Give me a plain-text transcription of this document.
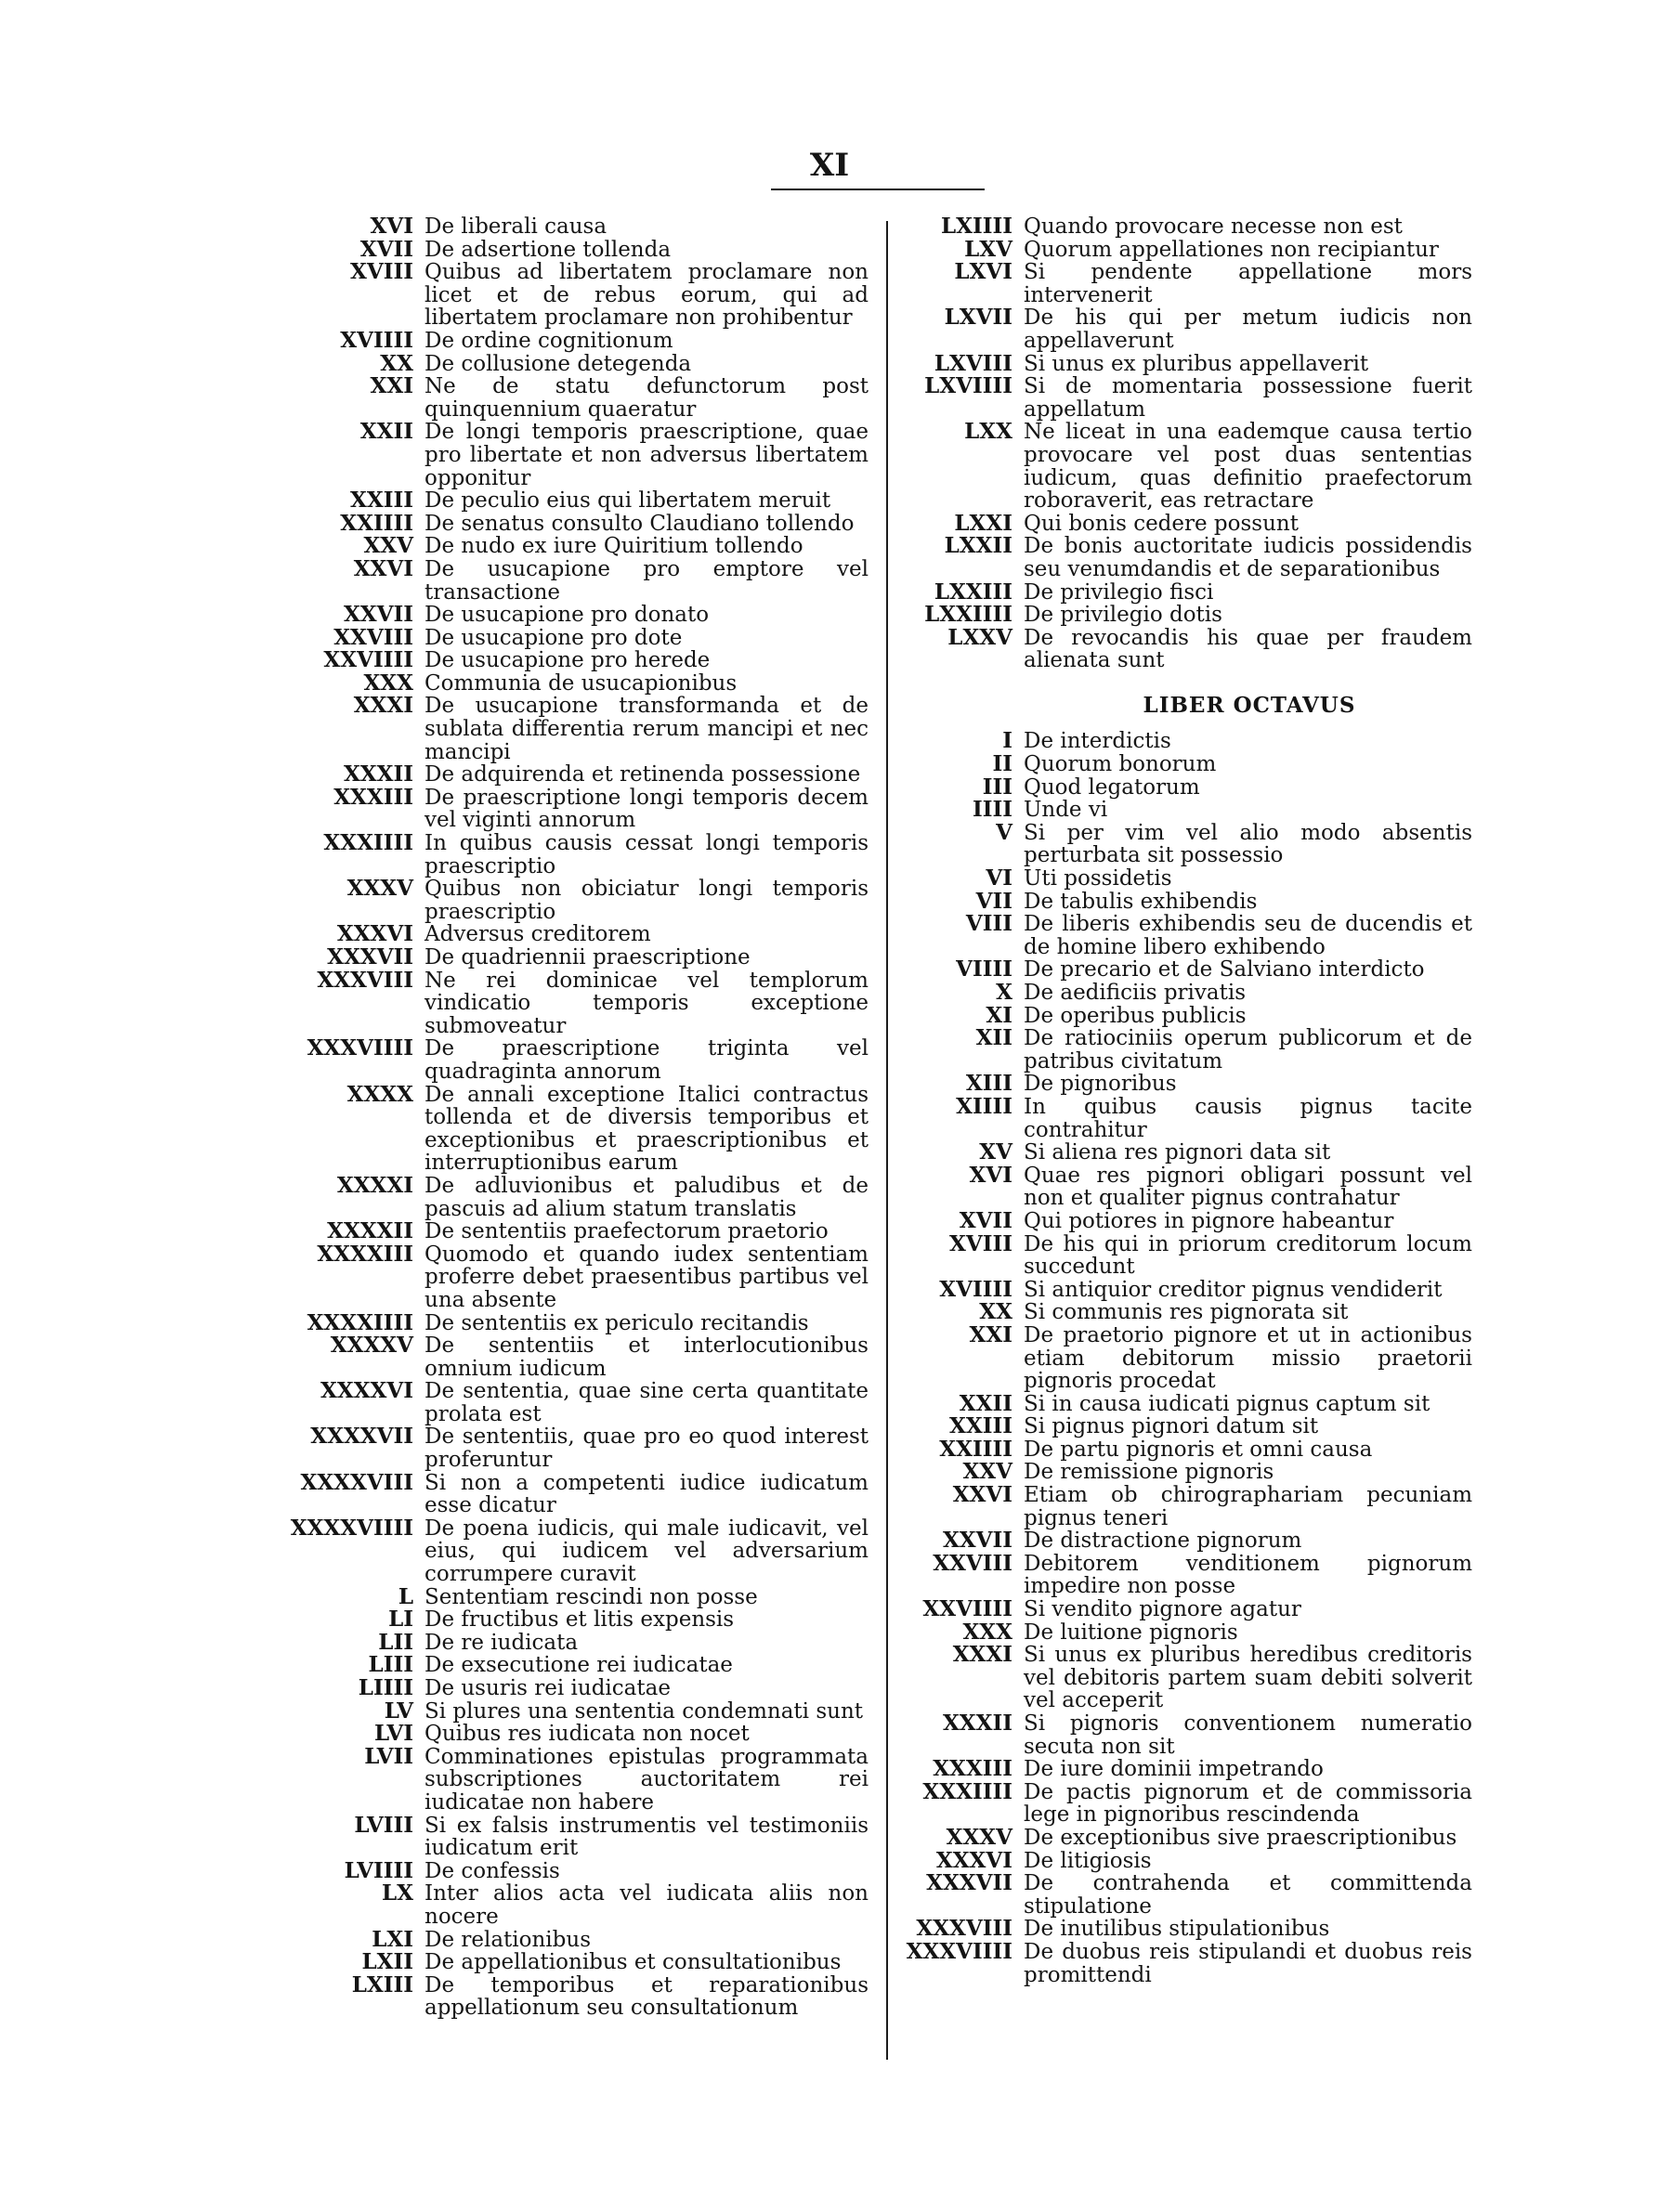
XI
XVI De liberali causa
XVII De adsertione tollenda
XVIII Quibus ad libertatem proclamare non licet et de rebus eorum, qui ad libertatem proclamare non prohibentur
XVIIII De ordine cognitionum
XX De collusione detegenda
XXI Ne de statu defunctorum post quinquennium quaeratur
XXII De longi temporis praescriptione, quae pro libertate et non adversus libertatem opponitur
XXIII De peculio eius qui libertatem meruit
XXIIII De senatus consulto Claudiano tollendo
XXV De nudo ex iure Quiritium tollendo
XXVI De usucapione pro emptore vel transactione
XXVII De usucapione pro donato
XXVIII De usucapione pro dote
XXVIIII De usucapione pro herede
XXX Communia de usucapionibus
XXXI De usucapione transformanda et de sublata differentia rerum mancipi et nec mancipi
XXXII De adquirenda et retinenda possessione
XXXIII De praescriptione longi temporis decem vel viginti annorum
XXXIIII In quibus causis cessat longi temporis praescriptio
XXXV Quibus non obiciatur longi temporis praescriptio
XXXVI Adversus creditorem
XXXVII De quadriennii praescriptione
XXXVIII Ne rei dominicae vel templorum vindicatio temporis exceptione submoveatur
XXXVIIII De praescriptione triginta vel quadraginta annorum
XXXX De annali exceptione Italici contractus tollenda et de diversis temporibus et exceptionibus et praescriptionibus et interruptionibus earum
XXXXI De adluvionibus et paludibus et de pascuis ad alium statum translatis
XXXXII De sententiis praefectorum praetorio
XXXXIII Quomodo et quando iudex sententiam proferre debet praesentibus partibus vel una absente
XXXXIIII De sententiis ex periculo recitandis
XXXXV De sententiis et interlocutionibus omnium iudicum
XXXXVI De sententia, quae sine certa quantitate prolata est
XXXXVII De sententiis, quae pro eo quod interest proferuntur
XXXXVIII Si non a competenti iudice iudicatum esse dicatur
XXXXVIIII De poena iudicis, qui male iudicavit, vel eius, qui iudicem vel adversarium corrumpere curavit
L Sententiam rescindi non posse
LI De fructibus et litis expensis
LII De re iudicata
LIII De exsecutione rei iudicatae
LIIII De usuris rei iudicatae
LV Si plures una sententia condemnati sunt
LVI Quibus res iudicata non nocet
LVII Comminationes epistulas programmata subscriptiones auctoritatem rei iudicatae non habere
LVIII Si ex falsis instrumentis vel testimoniis iudicatum erit
LVIIII De confessis
LX Inter alios acta vel iudicata aliis non nocere
LXI De relationibus
LXII De appellationibus et consultationibus
LXIII De temporibus et reparationibus appellationum seu consultationum
LXIIII Quando provocare necesse non est
LXV Quorum appellationes non recipiantur
LXVI Si pendente appellatione mors intervenerit
LXVII De his qui per metum iudicis non appellaverunt
LXVIII Si unus ex pluribus appellaverit
LXVIIII Si de momentaria possessione fuerit appellatum
LXX Ne liceat in una eademque causa tertio provocare vel post duas sententias iudicum, quas definitio praefectorum roboraverit, eas retractare
LXXI Qui bonis cedere possunt
LXXII De bonis auctoritate iudicis possidendis seu venumdandis et de separationibus
LXXIII De privilegio fisci
LXXIIII De privilegio dotis
LXXV De revocandis his quae per fraudem alienata sunt
LIBER OCTAVUS
I De interdictis
II Quorum bonorum
III Quod legatorum
IIII Unde vi
V Si per vim vel alio modo absentis perturbata sit possessio
VI Uti possidetis
VII De tabulis exhibendis
VIII De liberis exhibendis seu de ducendis et de homine libero exhibendo
VIIII De precario et de Salviano interdicto
X De aedificiis privatis
XI De operibus publicis
XII De ratiociniis operum publicorum et de patribus civitatum
XIII De pignoribus
XIIII In quibus causis pignus tacite contrahitur
XV Si aliena res pignori data sit
XVI Quae res pignori obligari possunt vel non et qualiter pignus contrahatur
XVII Qui potiores in pignore habeantur
XVIII De his qui in priorum creditorum locum succedunt
XVIIII Si antiquior creditor pignus vendiderit
XX Si communis res pignorata sit
XXI De praetorio pignore et ut in actionibus etiam debitorum missio praetorii pignoris procedat
XXII Si in causa iudicati pignus captum sit
XXIII Si pignus pignori datum sit
XXIIII De partu pignoris et omni causa
XXV De remissione pignoris
XXVI Etiam ob chirographariam pecuniam pignus teneri
XXVII De distractione pignorum
XXVIII Debitorem venditionem pignorum impedire non posse
XXVIIII Si vendito pignore agatur
XXX De luitione pignoris
XXXI Si unus ex pluribus heredibus creditoris vel debitoris partem suam debiti solverit vel acceperit
XXXII Si pignoris conventionem numeratio secuta non sit
XXXIII De iure dominii impetrando
XXXIIII De pactis pignorum et de commissoria lege in pignoribus rescindenda
XXXV De exceptionibus sive praescriptionibus
XXXVI De litigiosis
XXXVII De contrahenda et committenda stipulatione
XXXVIII De inutilibus stipulationibus
XXXVIIII De duobus reis stipulandi et duobus reis promittendi
